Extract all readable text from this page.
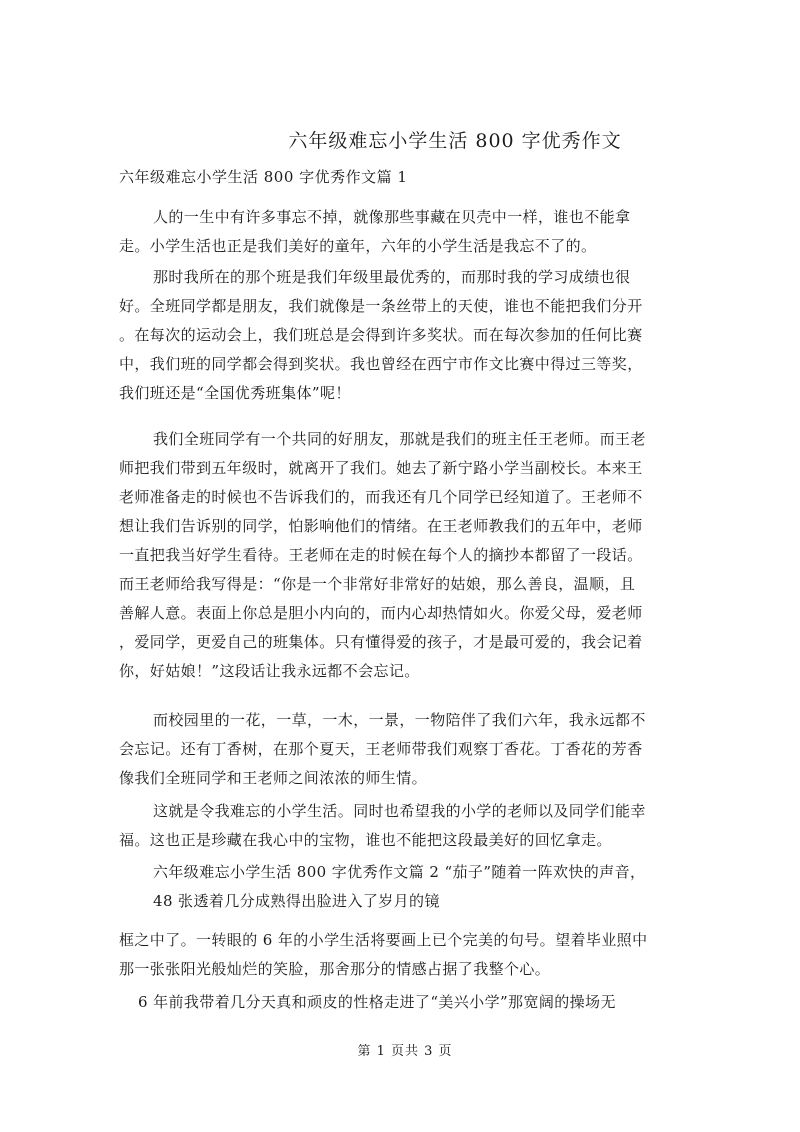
六年级难忘小学生活 800 字优秀作文
六年级难忘小学生活 800 字优秀作文篇 1
人的一生中有许多事忘不掉，就像那些事藏在贝壳中一样，谁也不能拿
走。小学生活也正是我们美好的童年，六年的小学生活是我忘不了的。
那时我所在的那个班是我们年级里最优秀的，而那时我的学习成绩也很
好。全班同学都是朋友，我们就像是一条丝带上的天使，谁也不能把我们分开
。在每次的运动会上，我们班总是会得到许多奖状。而在每次参加的任何比赛
中，我们班的同学都会得到奖状。我也曾经在西宁市作文比赛中得过三等奖，
我们班还是“全国优秀班集体”呢！
我们全班同学有一个共同的好朋友，那就是我们的班主任王老师。而王老
师把我们带到五年级时，就离开了我们。她去了新宁路小学当副校长。本来王
老师准备走的时候也不告诉我们的，而我还有几个同学已经知道了。王老师不
想让我们告诉别的同学，怕影响他们的情绪。在王老师教我们的五年中，老师
一直把我当好学生看待。王老师在走的时候在每个人的摘抄本都留了一段话。
而王老师给我写得是：“你是一个非常好非常好的姑娘，那么善良，温顺，且
善解人意。表面上你总是胆小内向的，而内心却热情如火。你爱父母，爱老师
，爱同学，更爱自己的班集体。只有懂得爱的孩子，才是最可爱的，我会记着
你，好姑娘！”这段话让我永远都不会忘记。
而校园里的一花，一草，一木，一景，一物陪伴了我们六年，我永远都不
会忘记。还有丁香树，在那个夏天，王老师带我们观察丁香花。丁香花的芳香
像我们全班同学和王老师之间浓浓的师生情。
这就是令我难忘的小学生活。同时也希望我的小学的老师以及同学们能幸
福。这也正是珍藏在我心中的宝物，谁也不能把这段最美好的回忆拿走。
六年级难忘小学生活 800 字优秀作文篇 2 “茄子”随着一阵欢快的声音，
48 张透着几分成熟得出脸进入了岁月的镜
框之中了。一转眼的 6 年的小学生活将要画上已个完美的句号。望着毕业照中
那一张张阳光般灿烂的笑脸，那舍那分的情感占据了我整个心。
6 年前我带着几分天真和顽皮的性格走进了“美兴小学”那宽阔的操场无
第 1 页共 3 页
